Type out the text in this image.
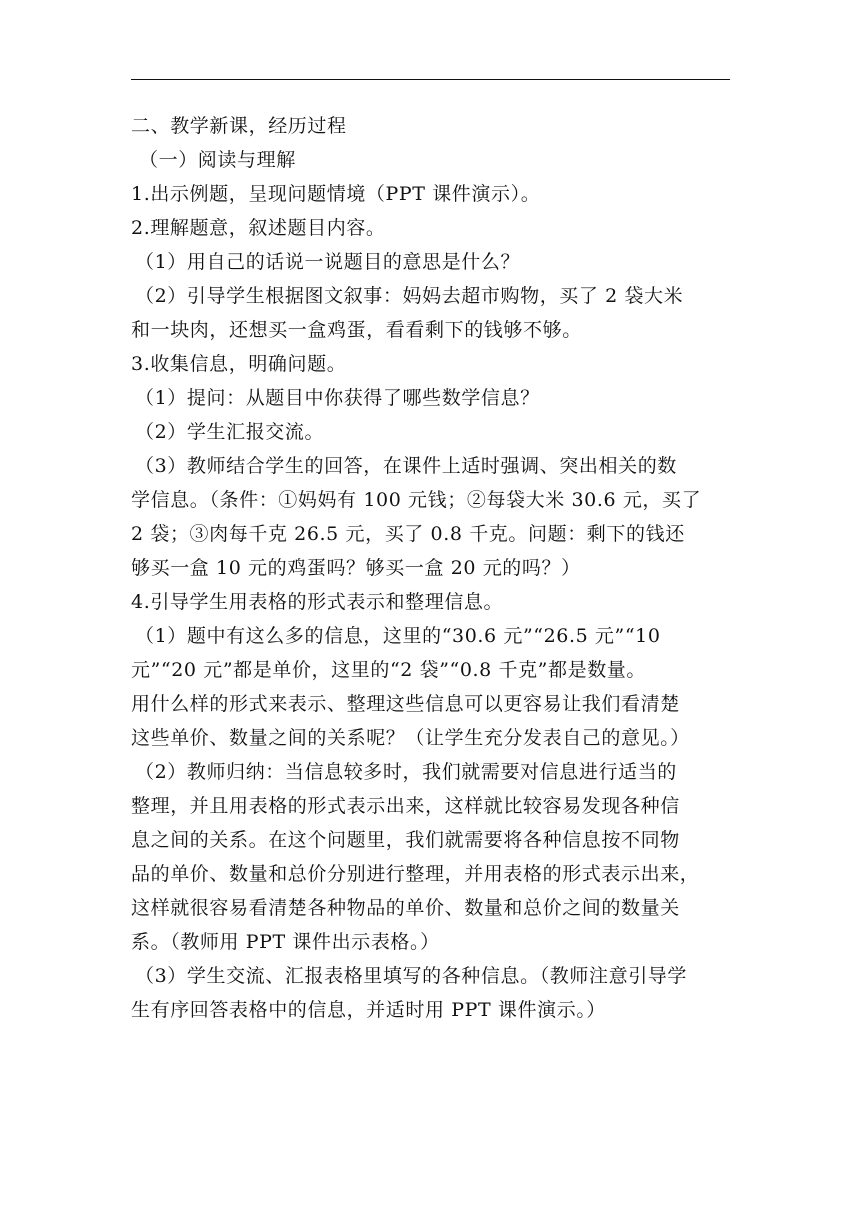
二、教学新课，经历过程
（一）阅读与理解
1.出示例题，呈现问题情境（PPT 课件演示）。
2.理解题意，叙述题目内容。
（1）用自己的话说一说题目的意思是什么？
（2）引导学生根据图文叙事：妈妈去超市购物，买了 2 袋大米
和一块肉，还想买一盒鸡蛋，看看剩下的钱够不够。
3.收集信息，明确问题。
（1）提问：从题目中你获得了哪些数学信息？
（2）学生汇报交流。
（3）教师结合学生的回答，在课件上适时强调、突出相关的数
学信息。（条件：①妈妈有 100 元钱；②每袋大米 30.6 元，买了
2 袋；③肉每千克 26.5 元，买了 0.8 千克。问题：剩下的钱还
够买一盒 10 元的鸡蛋吗？够买一盒 20 元的吗？）
4.引导学生用表格的形式表示和整理信息。
（1）题中有这么多的信息，这里的“30.6 元”“26.5 元”“10
元”“20 元”都是单价，这里的“2 袋”“0.8 千克”都是数量。
用什么样的形式来表示、整理这些信息可以更容易让我们看清楚
这些单价、数量之间的关系呢？（让学生充分发表自己的意见。）
（2）教师归纳：当信息较多时，我们就需要对信息进行适当的
整理，并且用表格的形式表示出来，这样就比较容易发现各种信
息之间的关系。在这个问题里，我们就需要将各种信息按不同物
品的单价、数量和总价分别进行整理，并用表格的形式表示出来，
这样就很容易看清楚各种物品的单价、数量和总价之间的数量关
系。（教师用 PPT 课件出示表格。）
（3）学生交流、汇报表格里填写的各种信息。（教师注意引导学
生有序回答表格中的信息，并适时用 PPT 课件演示。）
